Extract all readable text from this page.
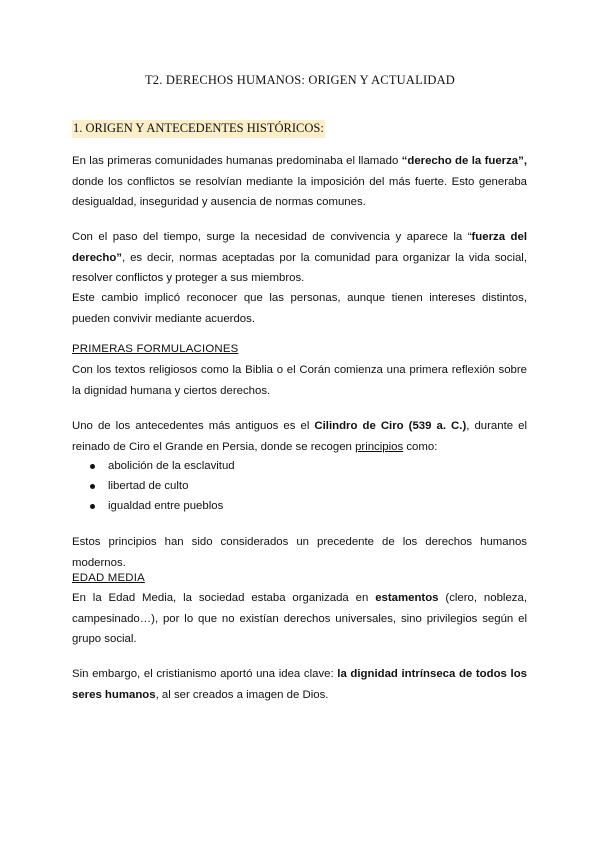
T2. DERECHOS HUMANOS: ORIGEN Y ACTUALIDAD
1. ORIGEN Y ANTECEDENTES HISTÓRICOS:
En las primeras comunidades humanas predominaba el llamado “derecho de la fuerza”, donde los conflictos se resolvían mediante la imposición del más fuerte. Esto generaba desigualdad, inseguridad y ausencia de normas comunes.
Con el paso del tiempo, surge la necesidad de convivencia y aparece la “fuerza del derecho”, es decir, normas aceptadas por la comunidad para organizar la vida social, resolver conflictos y proteger a sus miembros.
Este cambio implicó reconocer que las personas, aunque tienen intereses distintos, pueden convivir mediante acuerdos.
PRIMERAS FORMULACIONES
Con los textos religiosos como la Biblia o el Corán comienza una primera reflexión sobre la dignidad humana y ciertos derechos.
Uno de los antecedentes más antiguos es el Cilindro de Ciro (539 a. C.), durante el reinado de Ciro el Grande en Persia, donde se recogen principios como:
abolición de la esclavitud
libertad de culto
igualdad entre pueblos
Estos principios han sido considerados un precedente de los derechos humanos modernos.
EDAD MEDIA
En la Edad Media, la sociedad estaba organizada en estamentos (clero, nobleza, campesinado…), por lo que no existían derechos universales, sino privilegios según el grupo social.
Sin embargo, el cristianismo aportó una idea clave: la dignidad intrínseca de todos los seres humanos, al ser creados a imagen de Dios.
